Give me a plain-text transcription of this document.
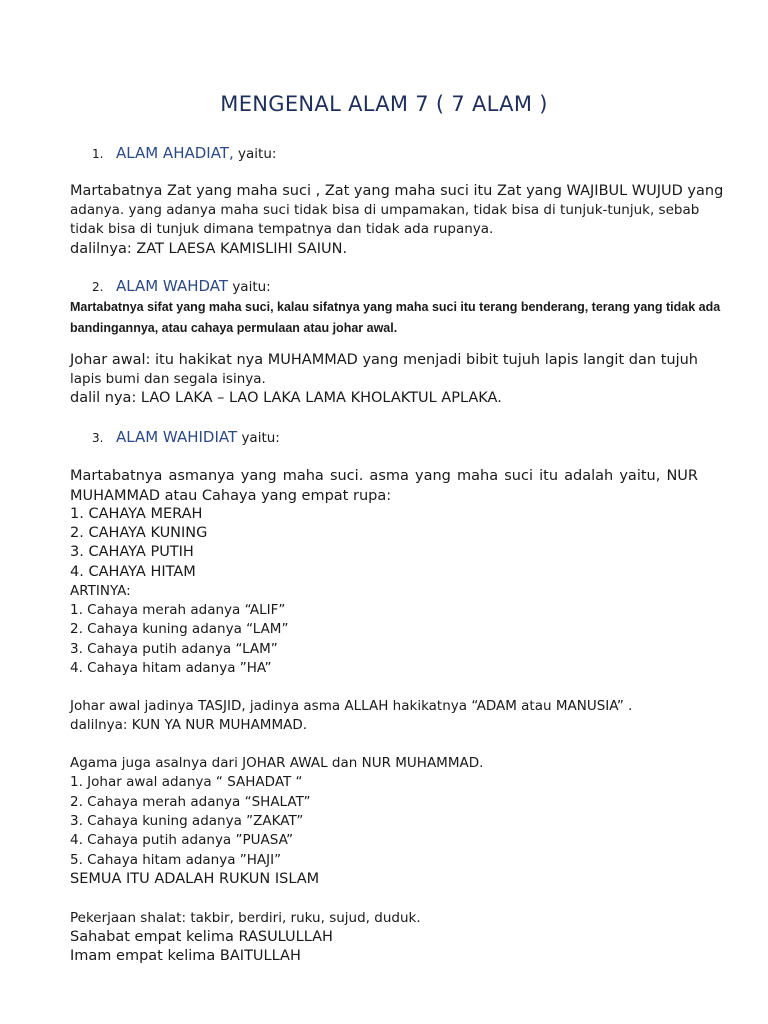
MENGENAL ALAM 7 ( 7 ALAM )
1. ALAM AHADIAT, yaitu:
Martabatnya Zat yang maha suci , Zat yang maha suci itu Zat yang WAJIBUL WUJUD yang
adanya. yang adanya maha suci tidak bisa di umpamakan, tidak bisa di tunjuk-tunjuk, sebab
tidak bisa di tunjuk dimana tempatnya dan tidak ada rupanya.
dalilnya: ZAT LAESA KAMISLIHI SAIUN.
2. ALAM WAHDAT yaitu:
Martabatnya sifat yang maha suci, kalau sifatnya yang maha suci itu terang benderang, terang yang tidak ada
bandingannya, atau cahaya permulaan atau johar awal.
Johar awal: itu hakikat nya MUHAMMAD yang menjadi bibit tujuh lapis langit dan tujuh
lapis bumi dan segala isinya.
dalil nya: LAO LAKA – LAO LAKA LAMA KHOLAKTUL APLAKA.
3. ALAM WAHIDIAT yaitu:
Martabatnya asmanya yang maha suci. asma yang maha suci itu adalah yaitu, NUR
MUHAMMAD atau Cahaya yang empat rupa:
1. CAHAYA MERAH
2. CAHAYA KUNING
3. CAHAYA PUTIH
4. CAHAYA HITAM
ARTINYA:
1. Cahaya merah adanya “ALIF”
2. Cahaya kuning adanya “LAM”
3. Cahaya putih adanya “LAM”
4. Cahaya hitam adanya ”HA”
Johar awal jadinya TASJID, jadinya asma ALLAH hakikatnya “ADAM atau MANUSIA” .
dalilnya: KUN YA NUR MUHAMMAD.
Agama juga asalnya dari JOHAR AWAL dan NUR MUHAMMAD.
1. Johar awal adanya “ SAHADAT “
2. Cahaya merah adanya “SHALAT”
3. Cahaya kuning adanya ”ZAKAT”
4. Cahaya putih adanya ”PUASA”
5. Cahaya hitam adanya ”HAJI”
SEMUA ITU ADALAH RUKUN ISLAM
Pekerjaan shalat: takbir, berdiri, ruku, sujud, duduk.
Sahabat empat kelima RASULULLAH
Imam empat kelima BAITULLAH
